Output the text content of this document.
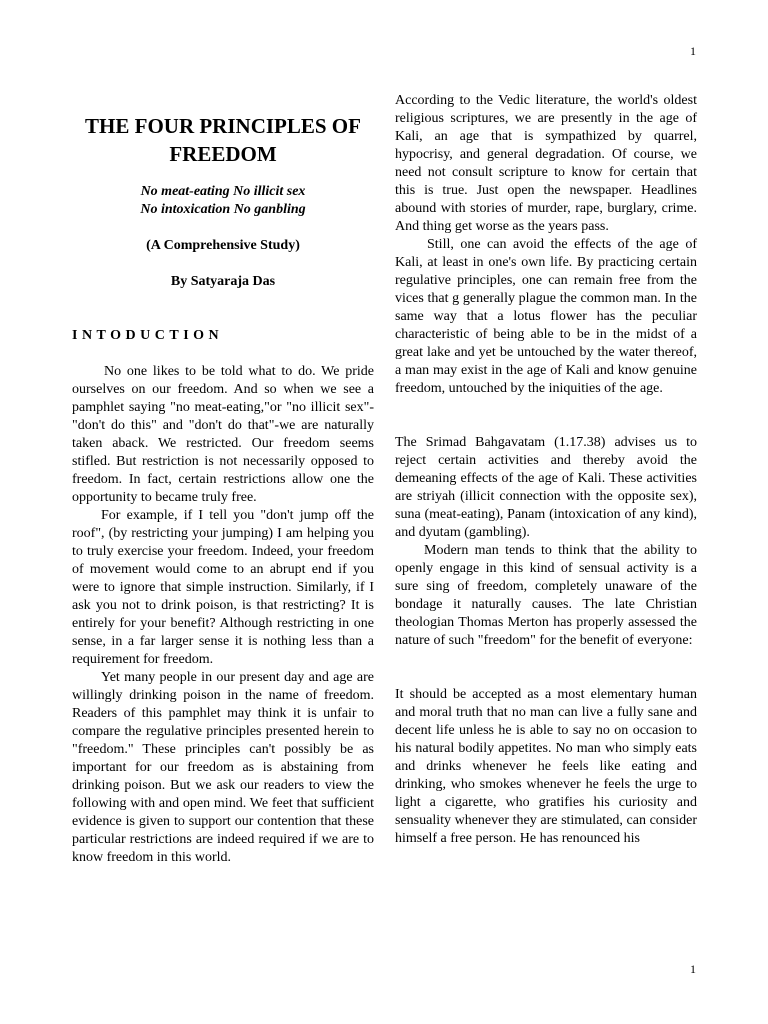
1
THE FOUR PRINCIPLES OF FREEDOM

No meat-eating No illicit sex
No intoxication No ganbling

(A Comprehensive Study)

By Satyaraja Das

INTODUCTION

No one likes to be told what to do. We pride ourselves on our freedom. And so when we see a pamphlet saying "no meat-eating,"or "no illicit sex"-"don't do this" and "don't do that"-we are naturally taken aback. We restricted. Our freedom seems stifled. But restriction is not necessarily opposed to freedom. In fact, certain restrictions allow one the opportunity to became truly free.

For example, if I tell you "don't jump off the roof", (by restricting your jumping) I am helping you to truly exercise your freedom. Indeed, your freedom of movement would come to an abrupt end if you were to ignore that simple instruction. Similarly, if I ask you not to drink poison, is that restricting? It is entirely for your benefit? Although restricting in one sense, in a far larger sense it is nothing less than a requirement for freedom.

Yet many people in our present day and age are willingly drinking poison in the name of freedom. Readers of this pamphlet may think it is unfair to compare the regulative principles presented herein to "freedom." These principles can't possibly be as important for our freedom as is abstaining from drinking poison. But we ask our readers to view the following with and open mind. We feet that sufficient evidence is given to support our contention that these particular restrictions are indeed required if we are to know freedom in this world.

According to the Vedic literature, the world's oldest religious scriptures, we are presently in the age of Kali, an age that is sympathized by quarrel, hypocrisy, and general degradation. Of course, we need not consult scripture to know for certain that this is true. Just open the newspaper. Headlines abound with stories of murder, rape, burglary, crime. And thing get worse as the years pass.

Still, one can avoid the effects of the age of Kali, at least in one's own life. By practicing certain regulative principles, one can remain free from the vices that g generally plague the common man. In the same way that a lotus flower has the peculiar characteristic of being able to be in the midst of a great lake and yet be untouched by the water thereof, a man may exist in the age of Kali and know genuine freedom, untouched by the iniquities of the age.

The Srimad Bahgavatam (1.17.38) advises us to reject certain activities and thereby avoid the demeaning effects of the age of Kali. These activities are striyah (illicit connection with the opposite sex), suna (meat-eating), Panam (intoxication of any kind), and dyutam (gambling).

Modern man tends to think that the ability to openly engage in this kind of sensual activity is a sure sing of freedom, completely unaware of the bondage it naturally causes. The late Christian theologian Thomas Merton has properly assessed the nature of such "freedom" for the benefit of everyone:

It should be accepted as a most elementary human and moral truth that no man can live a fully sane and decent life unless he is able to say no on occasion to his natural bodily appetites. No man who simply eats and drinks whenever he feels like eating and drinking, who smokes whenever he feels the urge to light a cigarette, who gratifies his curiosity and sensuality whenever they are stimulated, can consider himself a free person. He has renounced his

1
